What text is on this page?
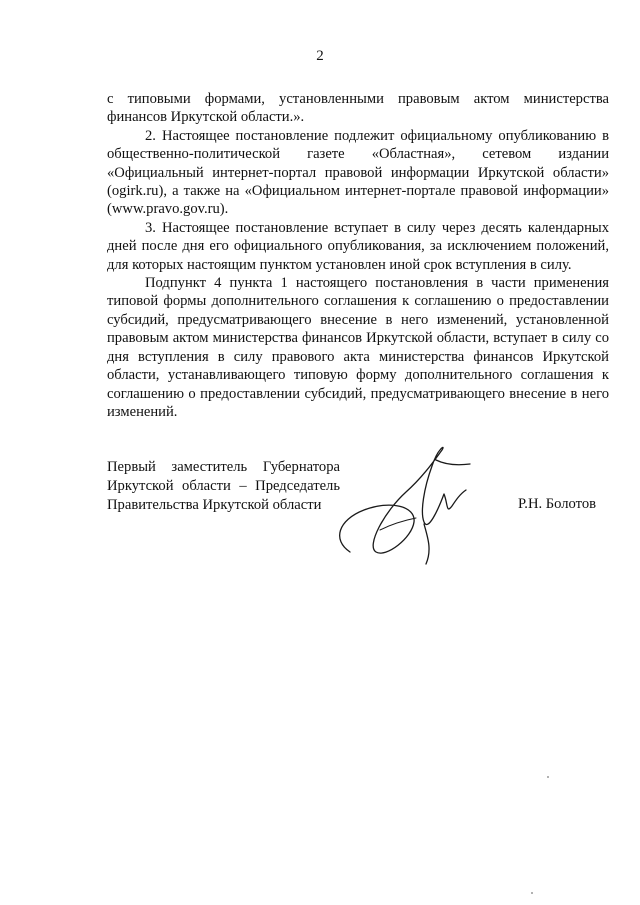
2

с типовыми формами, установленными правовым актом министерства финансов Иркутской области.».

2. Настоящее постановление подлежит официальному опубликованию в общественно-политической газете «Областная», сетевом издании «Официальный интернет-портал правовой информации Иркутской области» (ogirk.ru), а также на «Официальном интернет-портале правовой информации» (www.pravo.gov.ru).

3. Настоящее постановление вступает в силу через десять календарных дней после дня его официального опубликования, за исключением положений, для которых настоящим пунктом установлен иной срок вступления в силу.

Подпункт 4 пункта 1 настоящего постановления в части применения типовой формы дополнительного соглашения к соглашению о предоставлении субсидий, предусматривающего внесение в него изменений, установленной правовым актом министерства финансов Иркутской области, вступает в силу со дня вступления в силу правового акта министерства финансов Иркутской области, устанавливающего типовую форму дополнительного соглашения к соглашению о предоставлении субсидий, предусматривающего внесение в него изменений.

Первый заместитель Губернатора
Иркутской области – Председатель
Правительства Иркутской области	Р.Н. Болотов
